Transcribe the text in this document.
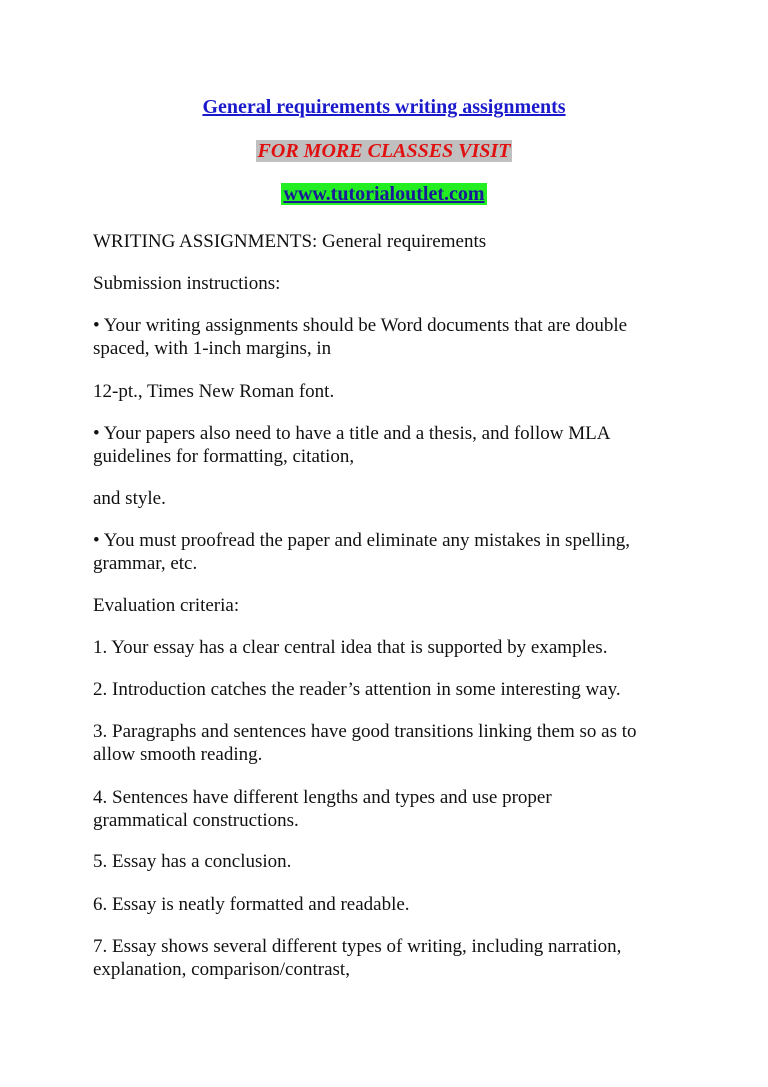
General requirements writing assignments
FOR MORE CLASSES VISIT
www.tutorialoutlet.com

WRITING ASSIGNMENTS: General requirements

Submission instructions:

• Your writing assignments should be Word documents that are double spaced, with 1-inch margins, in

12-pt., Times New Roman font.

• Your papers also need to have a title and a thesis, and follow MLA guidelines for formatting, citation,

and style.

• You must proofread the paper and eliminate any mistakes in spelling, grammar, etc.

Evaluation criteria:

1. Your essay has a clear central idea that is supported by examples.

2. Introduction catches the reader’s attention in some interesting way.

3. Paragraphs and sentences have good transitions linking them so as to allow smooth reading.

4. Sentences have different lengths and types and use proper grammatical constructions.

5. Essay has a conclusion.

6. Essay is neatly formatted and readable.

7. Essay shows several different types of writing, including narration, explanation, comparison/contrast,
